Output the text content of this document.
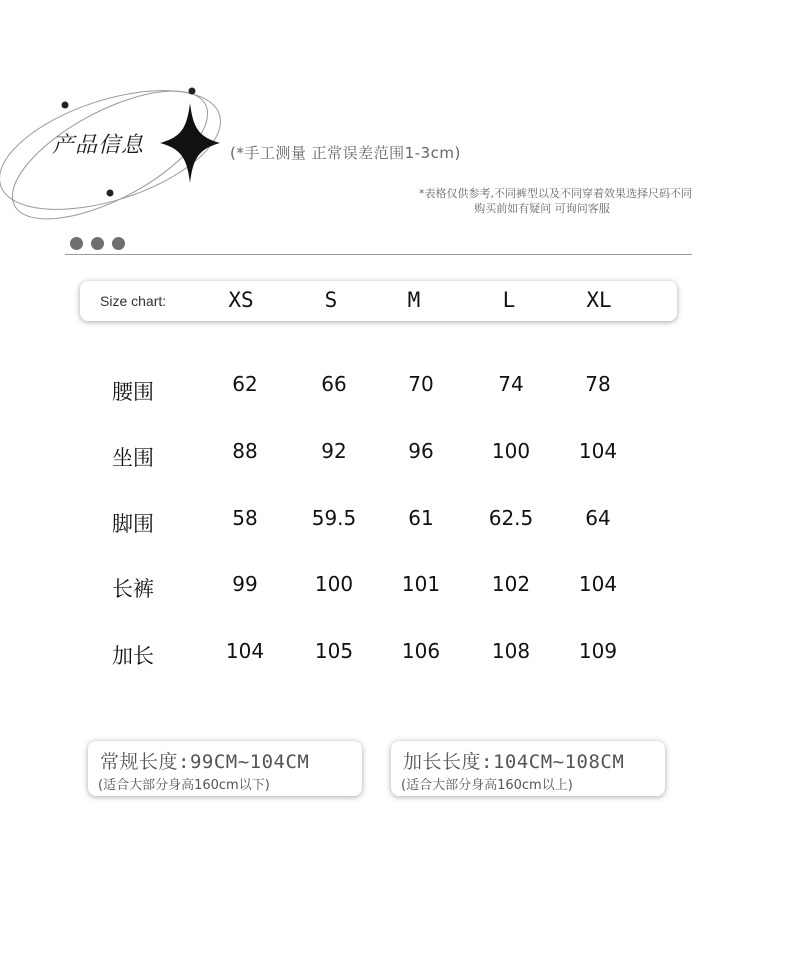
产品信息	(*手工测量 正常误差范围1-3cm)
*表格仅供参考,不同裤型以及不同穿着效果选择尺码不同
购买前如有疑问 可询问客服
Size chart:	XS	S	M	L	XL
腰围	62	66	70	74	78
坐围	88	92	96	100	104
脚围	58	59.5	61	62.5	64
长裤	99	100	101	102	104
加长	104	105	106	108	109
常规长度:99CM~104CM
(适合大部分身高160cm以下)
加长长度:104CM~108CM
(适合大部分身高160cm以上)
